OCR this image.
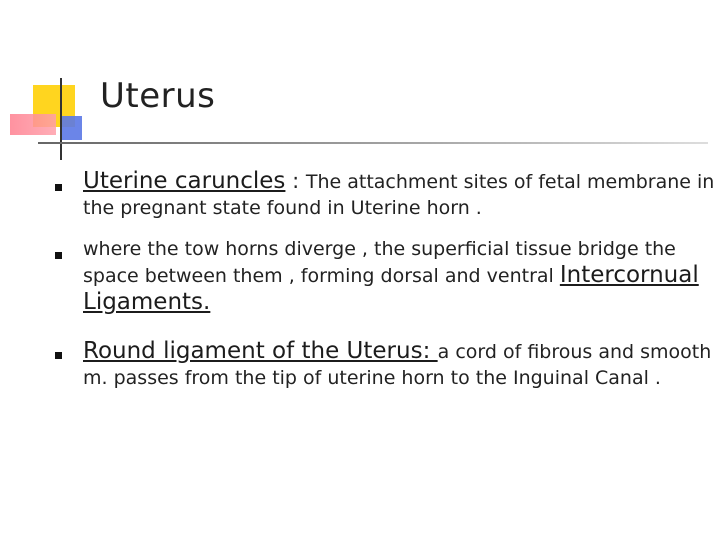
Uterus
Uterine caruncles : The attachment sites of fetal membrane in the pregnant state found in Uterine horn .
where the tow horns diverge , the superficial tissue bridge the space between them , forming dorsal and ventral Intercornual Ligaments.
Round ligament of the Uterus: a cord of fibrous and smooth m. passes from the tip of uterine horn to the Inguinal Canal .
